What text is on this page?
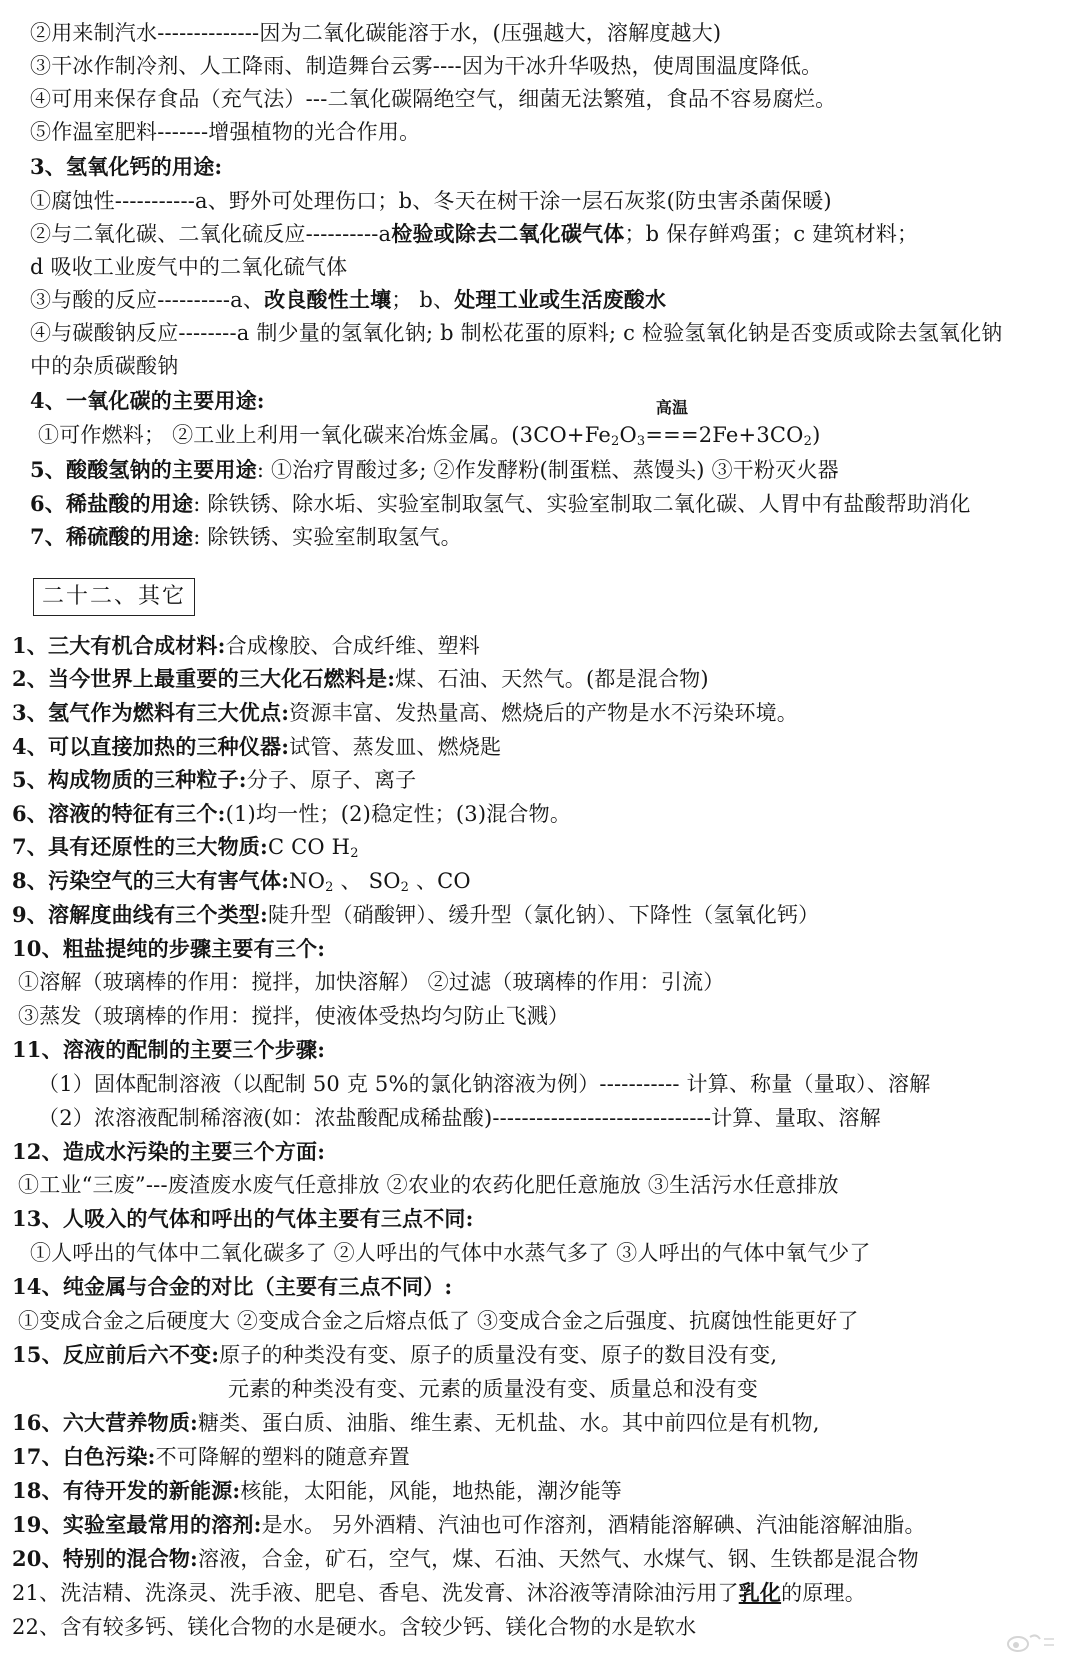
②用来制汽水--------------因为二氧化碳能溶于水，(压强越大，溶解度越大)
③干冰作制冷剂、人工降雨、制造舞台云雾----因为干冰升华吸热，使周围温度降低。
④可用来保存食品（充气法）---二氧化碳隔绝空气，细菌无法繁殖，食品不容易腐烂。
⑤作温室肥料-------增强植物的光合作用。
3、氢氧化钙的用途:
①腐蚀性-----------a、野外可处理伤口；b、冬天在树干涂一层石灰浆(防虫害杀菌保暖)
②与二氧化碳、二氧化硫反应----------a检验或除去二氧化碳气体；b 保存鲜鸡蛋；c 建筑材料；
d 吸收工业废气中的二氧化硫气体
③与酸的反应----------a、改良酸性土壤； b、处理工业或生活废酸水
④与碳酸钠反应--------a 制少量的氢氧化钠; b 制松花蛋的原料; c 检验氢氧化钠是否变质或除去氢氧化钠
中的杂质碳酸钠
4、一氧化碳的主要用途:
①可作燃料； ②工业上利用一氧化碳来冶炼金属。($3CO+Fe_2O_3$
高温
$===2Fe+3CO_2$)
5、酸酸氢钠的主要用途: ①治疗胃酸过多; ②作发酵粉(制蛋糕、蒸馒头) ③干粉灭火器
6、稀盐酸的用途: 除铁锈、除水垢、实验室制取氢气、实验室制取二氧化碳、人胃中有盐酸帮助消化
7、稀硫酸的用途: 除铁锈、实验室制取氢气。
二十二、其它
1、三大有机合成材料:合成橡胶、合成纤维、塑料
2、当今世界上最重要的三大化石燃料是:煤、石油、天然气。(都是混合物)
3、氢气作为燃料有三大优点:资源丰富、发热量高、燃烧后的产物是水不污染环境。
4、可以直接加热的三种仪器:试管、蒸发皿、燃烧匙
5、构成物质的三种粒子:分子、原子、离子
6、溶液的特征有三个:(1)均一性；(2)稳定性；(3)混合物。
7、具有还原性的三大物质:C CO $H_2$
8、污染空气的三大有害气体$:NO_2$ 、 $SO_2$ 、CO
9、溶解度曲线有三个类型:陡升型（硝酸钾）、缓升型（氯化钠）、下降性（氢氧化钙）
10、粗盐提纯的步骤主要有三个:
①溶解（玻璃棒的作用：搅拌，加快溶解） ②过滤（玻璃棒的作用：引流）
③蒸发（玻璃棒的作用：搅拌，使液体受热均匀防止飞溅）
11、溶液的配制的主要三个步骤:
（1）固体配制溶液（以配制 50 克 5%的氯化钠溶液为例）----------- 计算、称量（量取）、溶解
（2）浓溶液配制稀溶液(如：浓盐酸配成稀盐酸)------------------------------计算、量取、溶解
12、造成水污染的主要三个方面:
①工业“三废”---废渣废水废气任意排放 ②农业的农药化肥任意施放 ③生活污水任意排放
13、人吸入的气体和呼出的气体主要有三点不同:
①人呼出的气体中二氧化碳多了 ②人呼出的气体中水蒸气多了 ③人呼出的气体中氧气少了
14、纯金属与合金的对比（主要有三点不同）:
①变成合金之后硬度大 ②变成合金之后熔点低了 ③变成合金之后强度、抗腐蚀性能更好了
15、反应前后六不变:原子的种类没有变、原子的质量没有变、原子的数目没有变,
元素的种类没有变、元素的质量没有变、质量总和没有变
16、六大营养物质:糖类、蛋白质、油脂、维生素、无机盐、水。其中前四位是有机物,
17、白色污染:不可降解的塑料的随意弃置
18、有待开发的新能源:核能，太阳能，风能，地热能，潮汐能等
19、实验室最常用的溶剂:是水。 另外酒精、汽油也可作溶剂，酒精能溶解碘、汽油能溶解油脂。
20、特别的混合物:溶液，合金，矿石，空气，煤、石油、天然气、水煤气、钢、生铁都是混合物
21、洗洁精、洗涤灵、洗手液、肥皂、香皂、洗发膏、沐浴液等清除油污用了乳化的原理。
22、含有较多钙、镁化合物的水是硬水。含较少钙、镁化合物的水是软水
